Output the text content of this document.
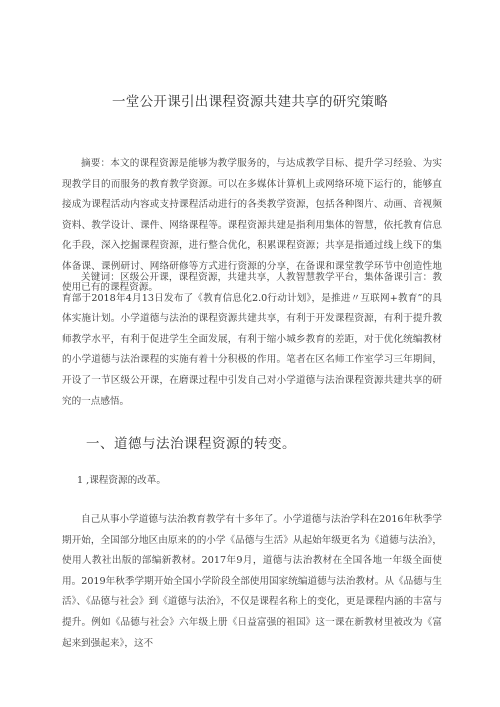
一堂公开课引出课程资源共建共享的研究策略
摘要：本文的课程资源是能够为教学服务的，与达成教学目标、提升学习经验、为实现教学目的而服务的教育教学资源。可以在多媒体计算机上或网络环境下运行的，能够直接成为课程活动内容或支持课程活动进行的各类教学资源，包括各种图片、动画、音视频资料、教学设计、课件、网络课程等。课程资源共建是指利用集体的智慧，依托教育信息化手段，深入挖掘课程资源，进行整合优化，积累课程资源；共享是指通过线上线下的集体备课、课例研讨、网络研修等方式进行资源的分享，在备课和课堂教学环节中创造性地使用已有的课程资源。
关键词：区级公开课，课程资源，共建共享，人教智慧教学平台，集体备课引言：教育部于2018年4月13日发布了《教育信息化2.0行动计划》，是推进〃互联网+教育”的具体实施计划。小学道德与法治的课程资源共建共享，有利于开发课程资源，有利于提升教师教学水平，有利于促进学生全面发展，有利于缩小城乡教育的差距，对于优化统编教材的小学道德与法治课程的实施有着十分积极的作用。笔者在区名师工作室学习三年期间，开设了一节区级公开课，在磨课过程中引发自己对小学道德与法治课程资源共建共享的研究的一点感悟。
一、道德与法治课程资源的转变。
1 ,课程资源的改革。
自己从事小学道德与法治教育教学有十多年了。小学道德与法治学科在2016年秋季学期开始，全国部分地区由原来的的小学《品德与生活》从起始年级更名为《道德与法治》，使用人教社出版的部编新教材。2017年9月，道德与法治教材在全国各地一年级全面使用。2019年秋季学期开始全国小学阶段全部使用国家统编道德与法治教材。从《品德与生活》、《品德与社会》到《道德与法治》，不仅是课程名称上的变化，更是课程内涵的丰富与提升。例如《品德与社会》六年级上册《日益富强的祖国》这一课在新教材里被改为《富起来到强起来》，这不
